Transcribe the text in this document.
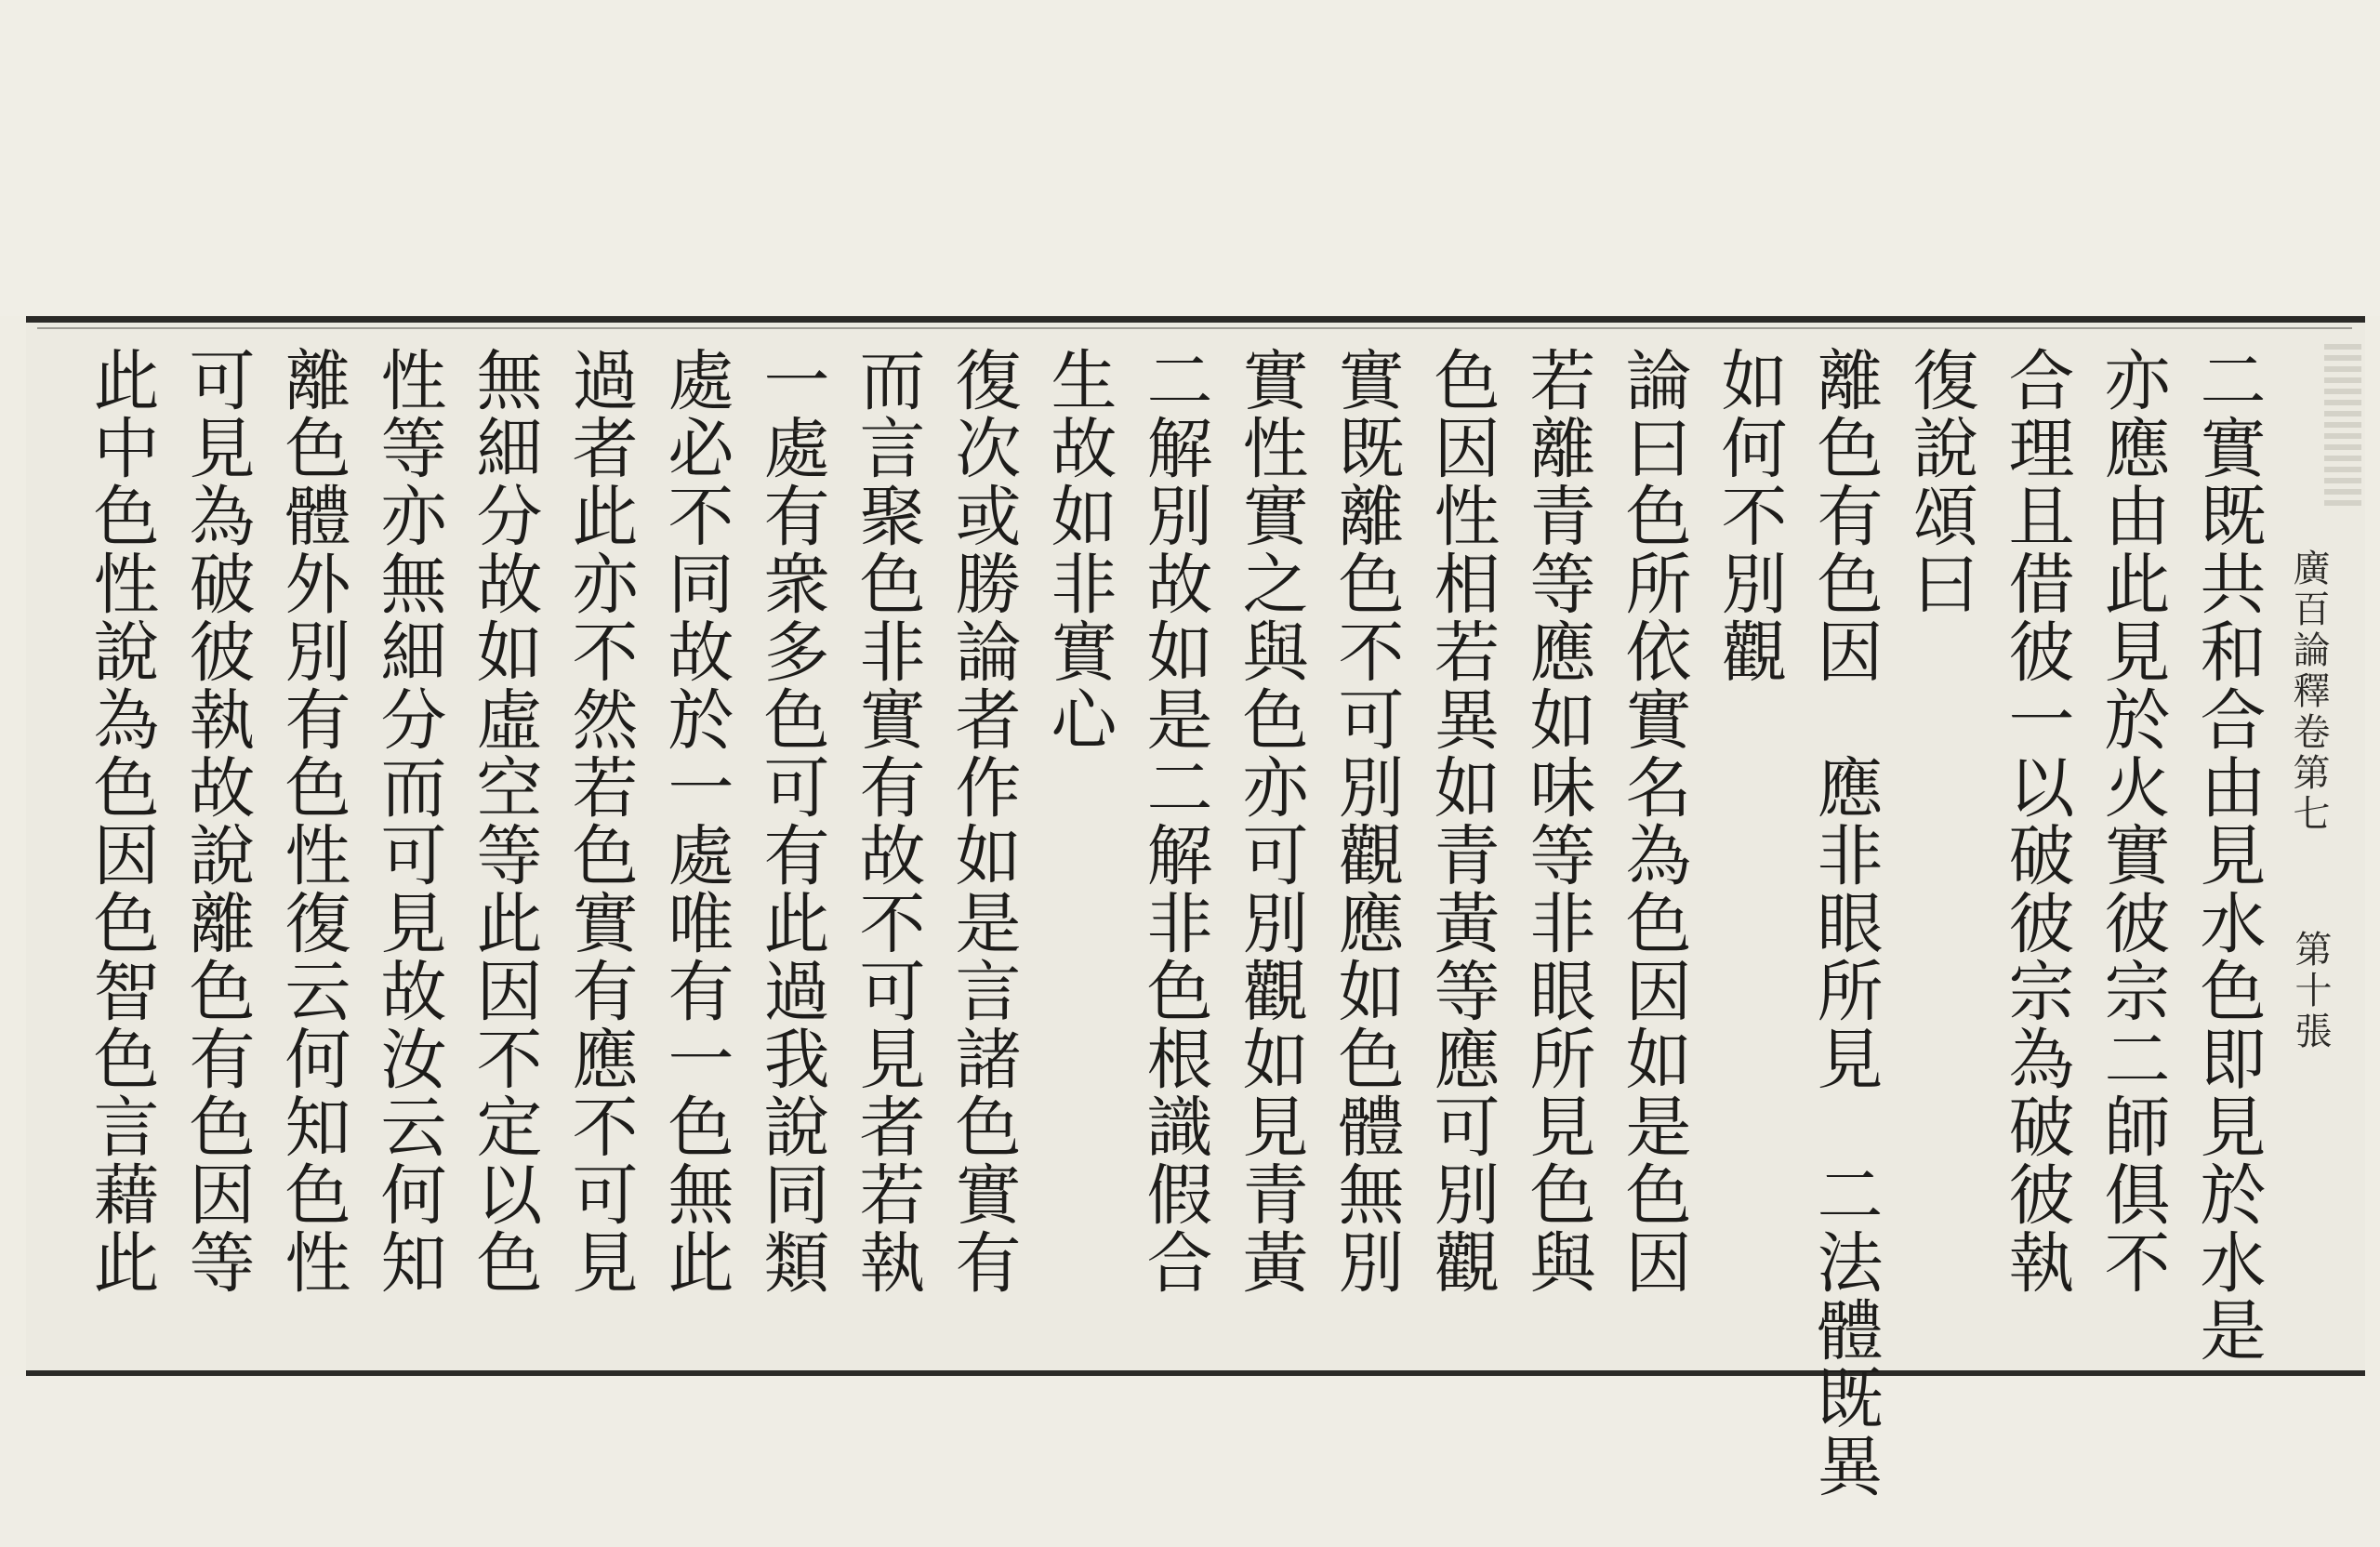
廣百論釋卷第七
第十張
二實既共和合由見水色即見於水是
亦應由此見於火實彼宗二師俱不
合理且借彼一以破彼宗為破彼執
復說頌曰
離色有色因　應非眼所見　二法體既異
如何不別觀
論曰色所依實名為色因如是色因
若離青等應如味等非眼所見色與
色因性相若異如青黃等應可別觀
實既離色不可別觀應如色體無別
實性實之與色亦可別觀如見青黃
二解別故如是二解非色根識假合
生故如非實心
復次或勝論者作如是言諸色實有
而言聚色非實有故不可見者若執
一處有衆多色可有此過我說同類
處必不同故於一處唯有一色無此
過者此亦不然若色實有應不可見
無細分故如虛空等此因不定以色
性等亦無細分而可見故汝云何知
離色體外別有色性復云何知色性
可見為破彼執故說離色有色因等
此中色性說為色因色智色言藉此
